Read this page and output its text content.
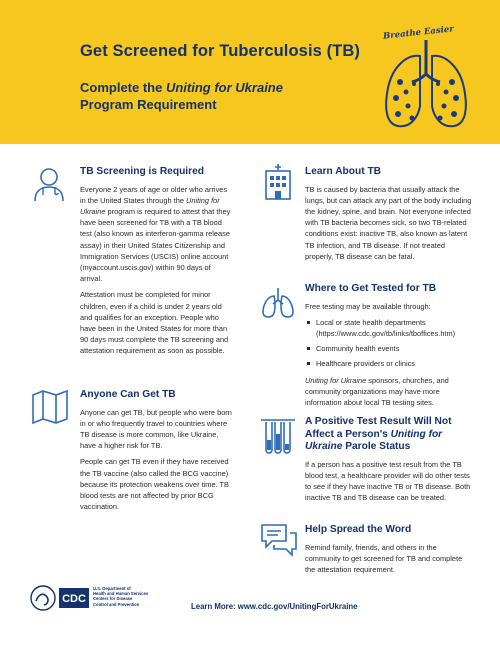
Get Screened for Tuberculosis (TB)
Complete the Uniting for Ukraine
Program Requirement
Breathe Easier
TB Screening is Required

Everyone 2 years of age or older who arrives in the United States through the Uniting for Ukraine program is required to attest that they have been screened for TB with a TB blood test (also known as interferon-gamma release assay) in their United States Citizenship and Immigration Services (USCIS) online account (myaccount.uscis.gov) within 90 days of arrival.

Attestation must be completed for minor children, even if a child is under 2 years old and qualifies for an exception. People who have been in the United States for more than 90 days must complete the TB screening and attestation requirement as soon as possible.

Anyone Can Get TB

Anyone can get TB, but people who were born in or who frequently travel to countries where TB disease is more common, like Ukraine, have a higher risk for TB.

People can get TB even if they have received the TB vaccine (also called the BCG vaccine) because its protection weakens over time. TB blood tests are not affected by prior BCG vaccination.

Learn About TB

TB is caused by bacteria that usually attack the lungs, but can attack any part of the body including the kidney, spine, and brain. Not everyone infected with TB bacteria becomes sick, so two TB-related conditions exist: inactive TB, also known as latent TB infection, and TB disease. If not treated properly, TB disease can be fatal.

Where to Get Tested for TB

Free testing may be available through:

Local or state health departments (https://www.cdc.gov/tb/links/tboffices.htm)
Community health events
Healthcare providers or clinics

Uniting for Ukraine sponsors, churches, and community organizations may have more information about local TB testing sites.

A Positive Test Result Will Not
Affect a Person's Uniting for
Ukraine Parole Status

If a person has a positive test result from the TB blood test, a healthcare provider will do other tests to see if they have inactive TB or TB disease. Both inactive TB and TB disease can be treated.

Help Spread the Word

Remind family, friends, and others in the community to get screened for TB and complete the attestation requirement.

CDC
U.S. Department of
Health and Human Services
Centers for Disease
Control and Prevention	Learn More: www.cdc.gov/UnitingForUkraine
